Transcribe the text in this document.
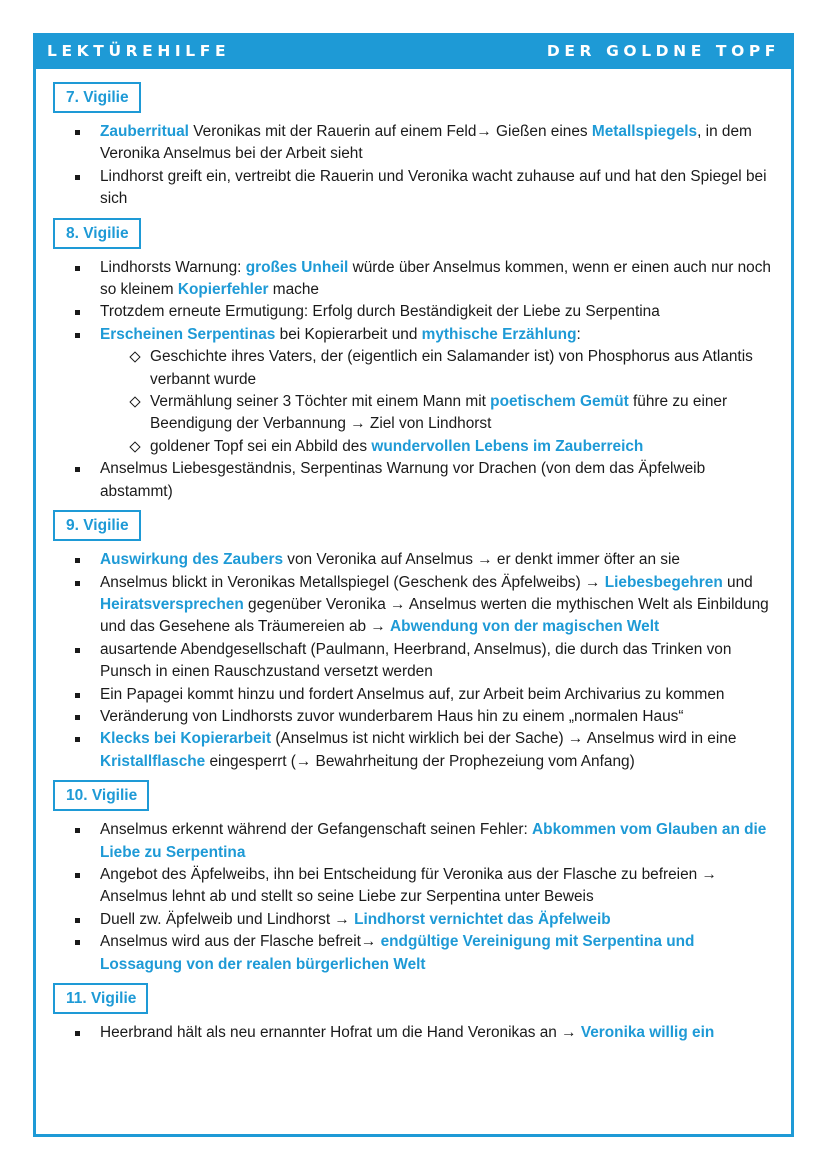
LEKTÜREHILFE	DER GOLDNE TOPF
7. Vigilie
Zauberritual Veronikas mit der Rauerin auf einem Feld→ Gießen eines Metallspiegels, in dem Veronika Anselmus bei der Arbeit sieht
Lindhorst greift ein, vertreibt die Rauerin und Veronika wacht zuhause auf und hat den Spiegel bei sich
8. Vigilie
Lindhorsts Warnung: großes Unheil würde über Anselmus kommen, wenn er einen auch nur noch so kleinem Kopierfehler mache
Trotzdem erneute Ermutigung: Erfolg durch Beständigkeit der Liebe zu Serpentina
Erscheinen Serpentinas bei Kopierarbeit und mythische Erzählung:
Geschichte ihres Vaters, der (eigentlich ein Salamander ist) von Phosphorus aus Atlantis verbannt wurde
Vermählung seiner 3 Töchter mit einem Mann mit poetischem Gemüt führe zu einer Beendigung der Verbannung → Ziel von Lindhorst
goldener Topf sei ein Abbild des wundervollen Lebens im Zauberreich
Anselmus Liebesgeständnis, Serpentinas Warnung vor Drachen (von dem das Äpfelweib abstammt)
9. Vigilie
Auswirkung des Zaubers von Veronika auf Anselmus → er denkt immer öfter an sie
Anselmus blickt in Veronikas Metallspiegel (Geschenk des Äpfelweibs) → Liebesbegehren und Heiratsversprechen gegenüber Veronika → Anselmus werten die mythischen Welt als Einbildung und das Gesehene als Träumereien ab → Abwendung von der magischen Welt
ausartende Abendgesellschaft (Paulmann, Heerbrand, Anselmus), die durch das Trinken von Punsch in einen Rauschzustand versetzt werden
Ein Papagei kommt hinzu und fordert Anselmus auf, zur Arbeit beim Archivarius zu kommen
Veränderung von Lindhorsts zuvor wunderbarem Haus hin zu einem „normalen Haus“
Klecks bei Kopierarbeit (Anselmus ist nicht wirklich bei der Sache) → Anselmus wird in eine Kristallflasche eingesperrt (→ Bewahrheitung der Prophezeiung vom Anfang)
10. Vigilie
Anselmus erkennt während der Gefangenschaft seinen Fehler: Abkommen vom Glauben an die Liebe zu Serpentina
Angebot des Äpfelweibs, ihn bei Entscheidung für Veronika aus der Flasche zu befreien → Anselmus lehnt ab und stellt so seine Liebe zur Serpentina unter Beweis
Duell zw. Äpfelweib und Lindhorst → Lindhorst vernichtet das Äpfelweib
Anselmus wird aus der Flasche befreit→ endgültige Vereinigung mit Serpentina und Lossagung von der realen bürgerlichen Welt
11. Vigilie
Heerbrand hält als neu ernannter Hofrat um die Hand Veronikas an → Veronika willig ein
